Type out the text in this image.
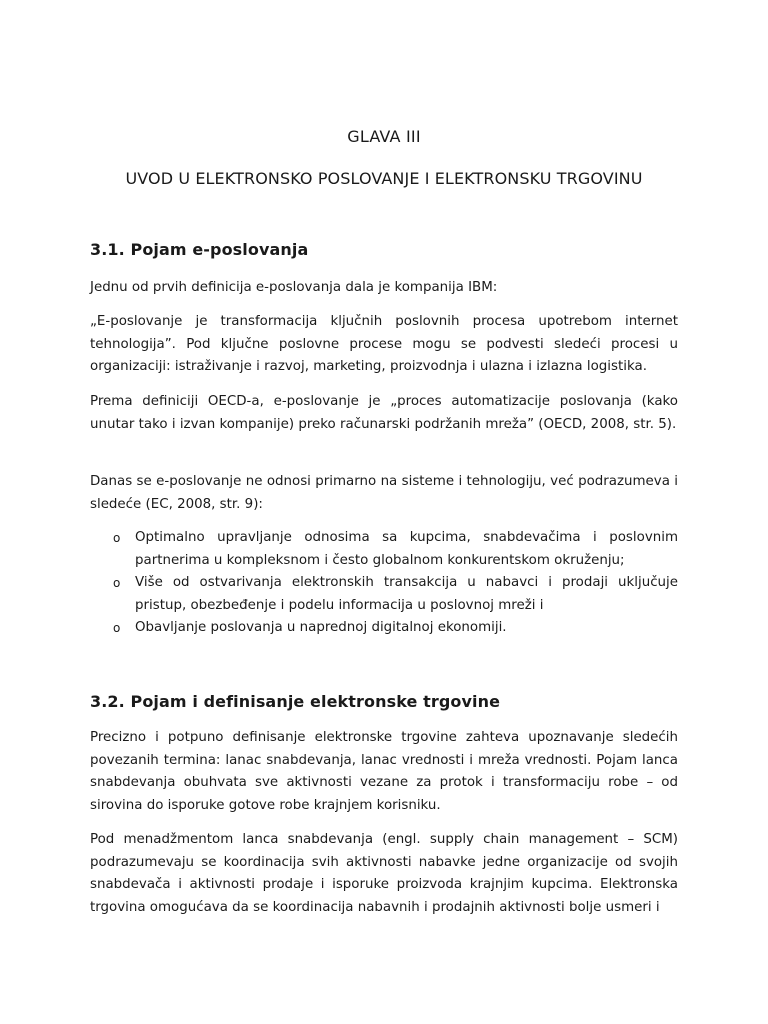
GLAVA III
UVOD U ELEKTRONSKO POSLOVANJE I ELEKTRONSKU TRGOVINU
3.1. Pojam e-poslovanja

Jednu od prvih definicija e-poslovanja dala je kompanija IBM:

„E-poslovanje je transformacija ključnih poslovnih procesa upotrebom internet tehnologija”. Pod ključne poslovne procese mogu se podvesti sledeći procesi u organizaciji: istraživanje i razvoj, marketing, proizvodnja i ulazna i izlazna logistika.

Prema definiciji OECD-a, e-poslovanje je „proces automatizacije poslovanja (kako unutar tako i izvan kompanije) preko računarski podržanih mreža” (OECD, 2008, str. 5).

Danas se e-poslovanje ne odnosi primarno na sisteme i tehnologiju, već podrazumeva i sledeće (EC, 2008, str. 9):

o Optimalno upravljanje odnosima sa kupcima, snabdevačima i poslovnim partnerima u kompleksnom i često globalnom konkurentskom okruženju;
o Više od ostvarivanja elektronskih transakcija u nabavci i prodaji uključuje pristup, obezbeđenje i podelu informacija u poslovnoj mreži i
o Obavljanje poslovanja u naprednoj digitalnoj ekonomiji.
3.2. Pojam i definisanje elektronske trgovine

Precizno i potpuno definisanje elektronske trgovine zahteva upoznavanje sledećih povezanih termina: lanac snabdevanja, lanac vrednosti i mreža vrednosti. Pojam lanca snabdevanja obuhvata sve aktivnosti vezane za protok i transformaciju robe – od sirovina do isporuke gotove robe krajnjem korisniku.

Pod menadžmentom lanca snabdevanja (engl. supply chain management – SCM) podrazumevaju se koordinacija svih aktivnosti nabavke jedne organizacije od svojih snabdevača i aktivnosti prodaje i isporuke proizvoda krajnjim kupcima. Elektronska trgovina omogućava da se koordinacija nabavnih i prodajnih aktivnosti bolje usmeri i
